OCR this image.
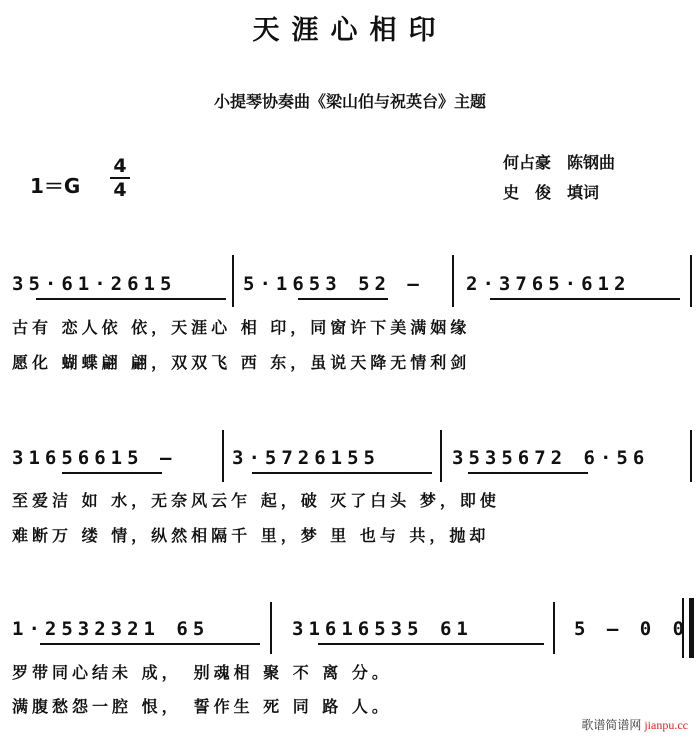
天涯心相印
小提琴协奏曲《梁山伯与祝英台》主题
1＝G
4
4
何占豪　陈钢曲
史　俊　填词
35·61·2615	5·1653 52 – 2·3765·612
古有 恋人依 依，天涯心 相 印，同窗许下美满姻缘
愿化 蝴蝶翩 翩，双双飞 西 东，虽说天降无情利剑
31656615 –	3·5726155	3535672 6·56
至爱洁 如 水，无奈风云乍 起，破 灭了白头 梦，即使
难断万 缕 情，纵然相隔千 里，梦 里 也与 共，抛却
1·2532321 65	31616535 61	5 – 0 0
罗带同心结未 成，　别魂相 聚 不 离 分。
满腹愁怨一腔 恨，　誓作生 死 同 路 人。
歌谱简谱网 jianpu.cc
